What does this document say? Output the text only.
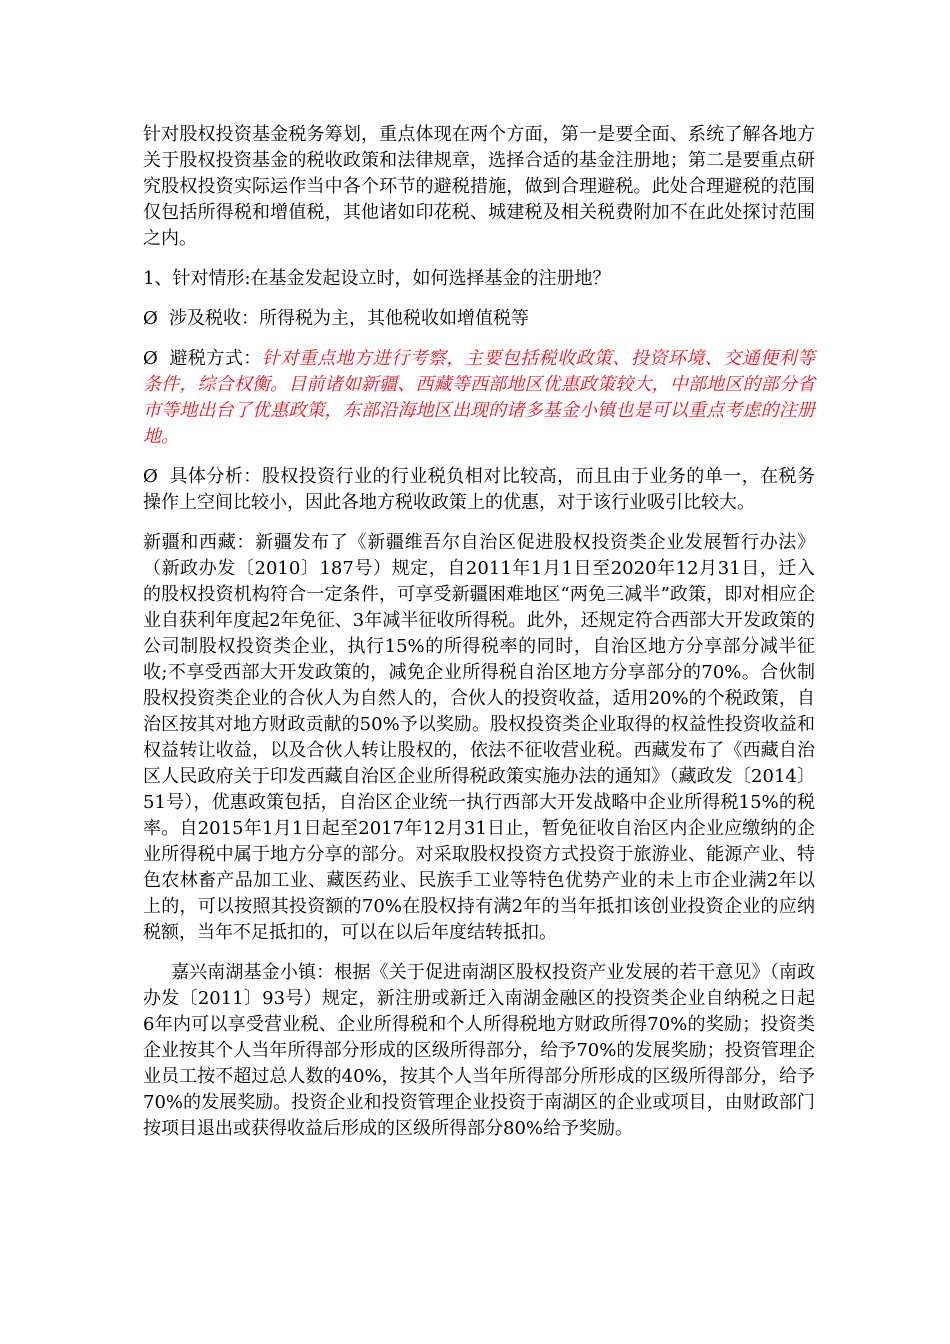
针对股权投资基金税务筹划，重点体现在两个方面，第一是要全面、系统了解各地方关于股权投资基金的税收政策和法律规章，选择合适的基金注册地；第二是要重点研究股权投资实际运作当中各个环节的避税措施，做到合理避税。此处合理避税的范围仅包括所得税和增值税，其他诸如印花税、城建税及相关税费附加不在此处探讨范围之内。

1、针对情形:在基金发起设立时，如何选择基金的注册地？

Ø 涉及税收：所得税为主，其他税收如增值税等

Ø 避税方式：针对重点地方进行考察，主要包括税收政策、投资环境、交通便利等条件，综合权衡。目前诸如新疆、西藏等西部地区优惠政策较大，中部地区的部分省市等地出台了优惠政策，东部沿海地区出现的诸多基金小镇也是可以重点考虑的注册地。

Ø 具体分析：股权投资行业的行业税负相对比较高，而且由于业务的单一，在税务操作上空间比较小，因此各地方税收政策上的优惠，对于该行业吸引比较大。

新疆和西藏：新疆发布了《新疆维吾尔自治区促进股权投资类企业发展暂行办法》（新政办发〔2010〕187号）规定，自2011年1月1日至2020年12月31日，迁入的股权投资机构符合一定条件，可享受新疆困难地区“两免三减半”政策，即对相应企业自获利年度起2年免征、3年减半征收所得税。此外，还规定符合西部大开发政策的公司制股权投资类企业，执行15%的所得税率的同时，自治区地方分享部分减半征收;不享受西部大开发政策的，减免企业所得税自治区地方分享部分的70%。合伙制股权投资类企业的合伙人为自然人的，合伙人的投资收益，适用20%的个税政策，自治区按其对地方财政贡献的50%予以奖励。股权投资类企业取得的权益性投资收益和权益转让收益，以及合伙人转让股权的，依法不征收营业税。西藏发布了《西藏自治区人民政府关于印发西藏自治区企业所得税政策实施办法的通知》（藏政发〔2014〕51号），优惠政策包括，自治区企业统一执行西部大开发战略中企业所得税15%的税率。自2015年1月1日起至2017年12月31日止，暂免征收自治区内企业应缴纳的企业所得税中属于地方分享的部分。对采取股权投资方式投资于旅游业、能源产业、特色农林畜产品加工业、藏医药业、民族手工业等特色优势产业的未上市企业满2年以上的，可以按照其投资额的70%在股权持有满2年的当年抵扣该创业投资企业的应纳税额，当年不足抵扣的，可以在以后年度结转抵扣。

嘉兴南湖基金小镇：根据《关于促进南湖区股权投资产业发展的若干意见》（南政办发〔2011〕93号）规定，新注册或新迁入南湖金融区的投资类企业自纳税之日起6年内可以享受营业税、企业所得税和个人所得税地方财政所得70%的奖励；投资类企业按其个人当年所得部分形成的区级所得部分，给予70%的发展奖励；投资管理企业员工按不超过总人数的40%，按其个人当年所得部分所形成的区级所得部分，给予70%的发展奖励。投资企业和投资管理企业投资于南湖区的企业或项目，由财政部门按项目退出或获得收益后形成的区级所得部分80%给予奖励。
